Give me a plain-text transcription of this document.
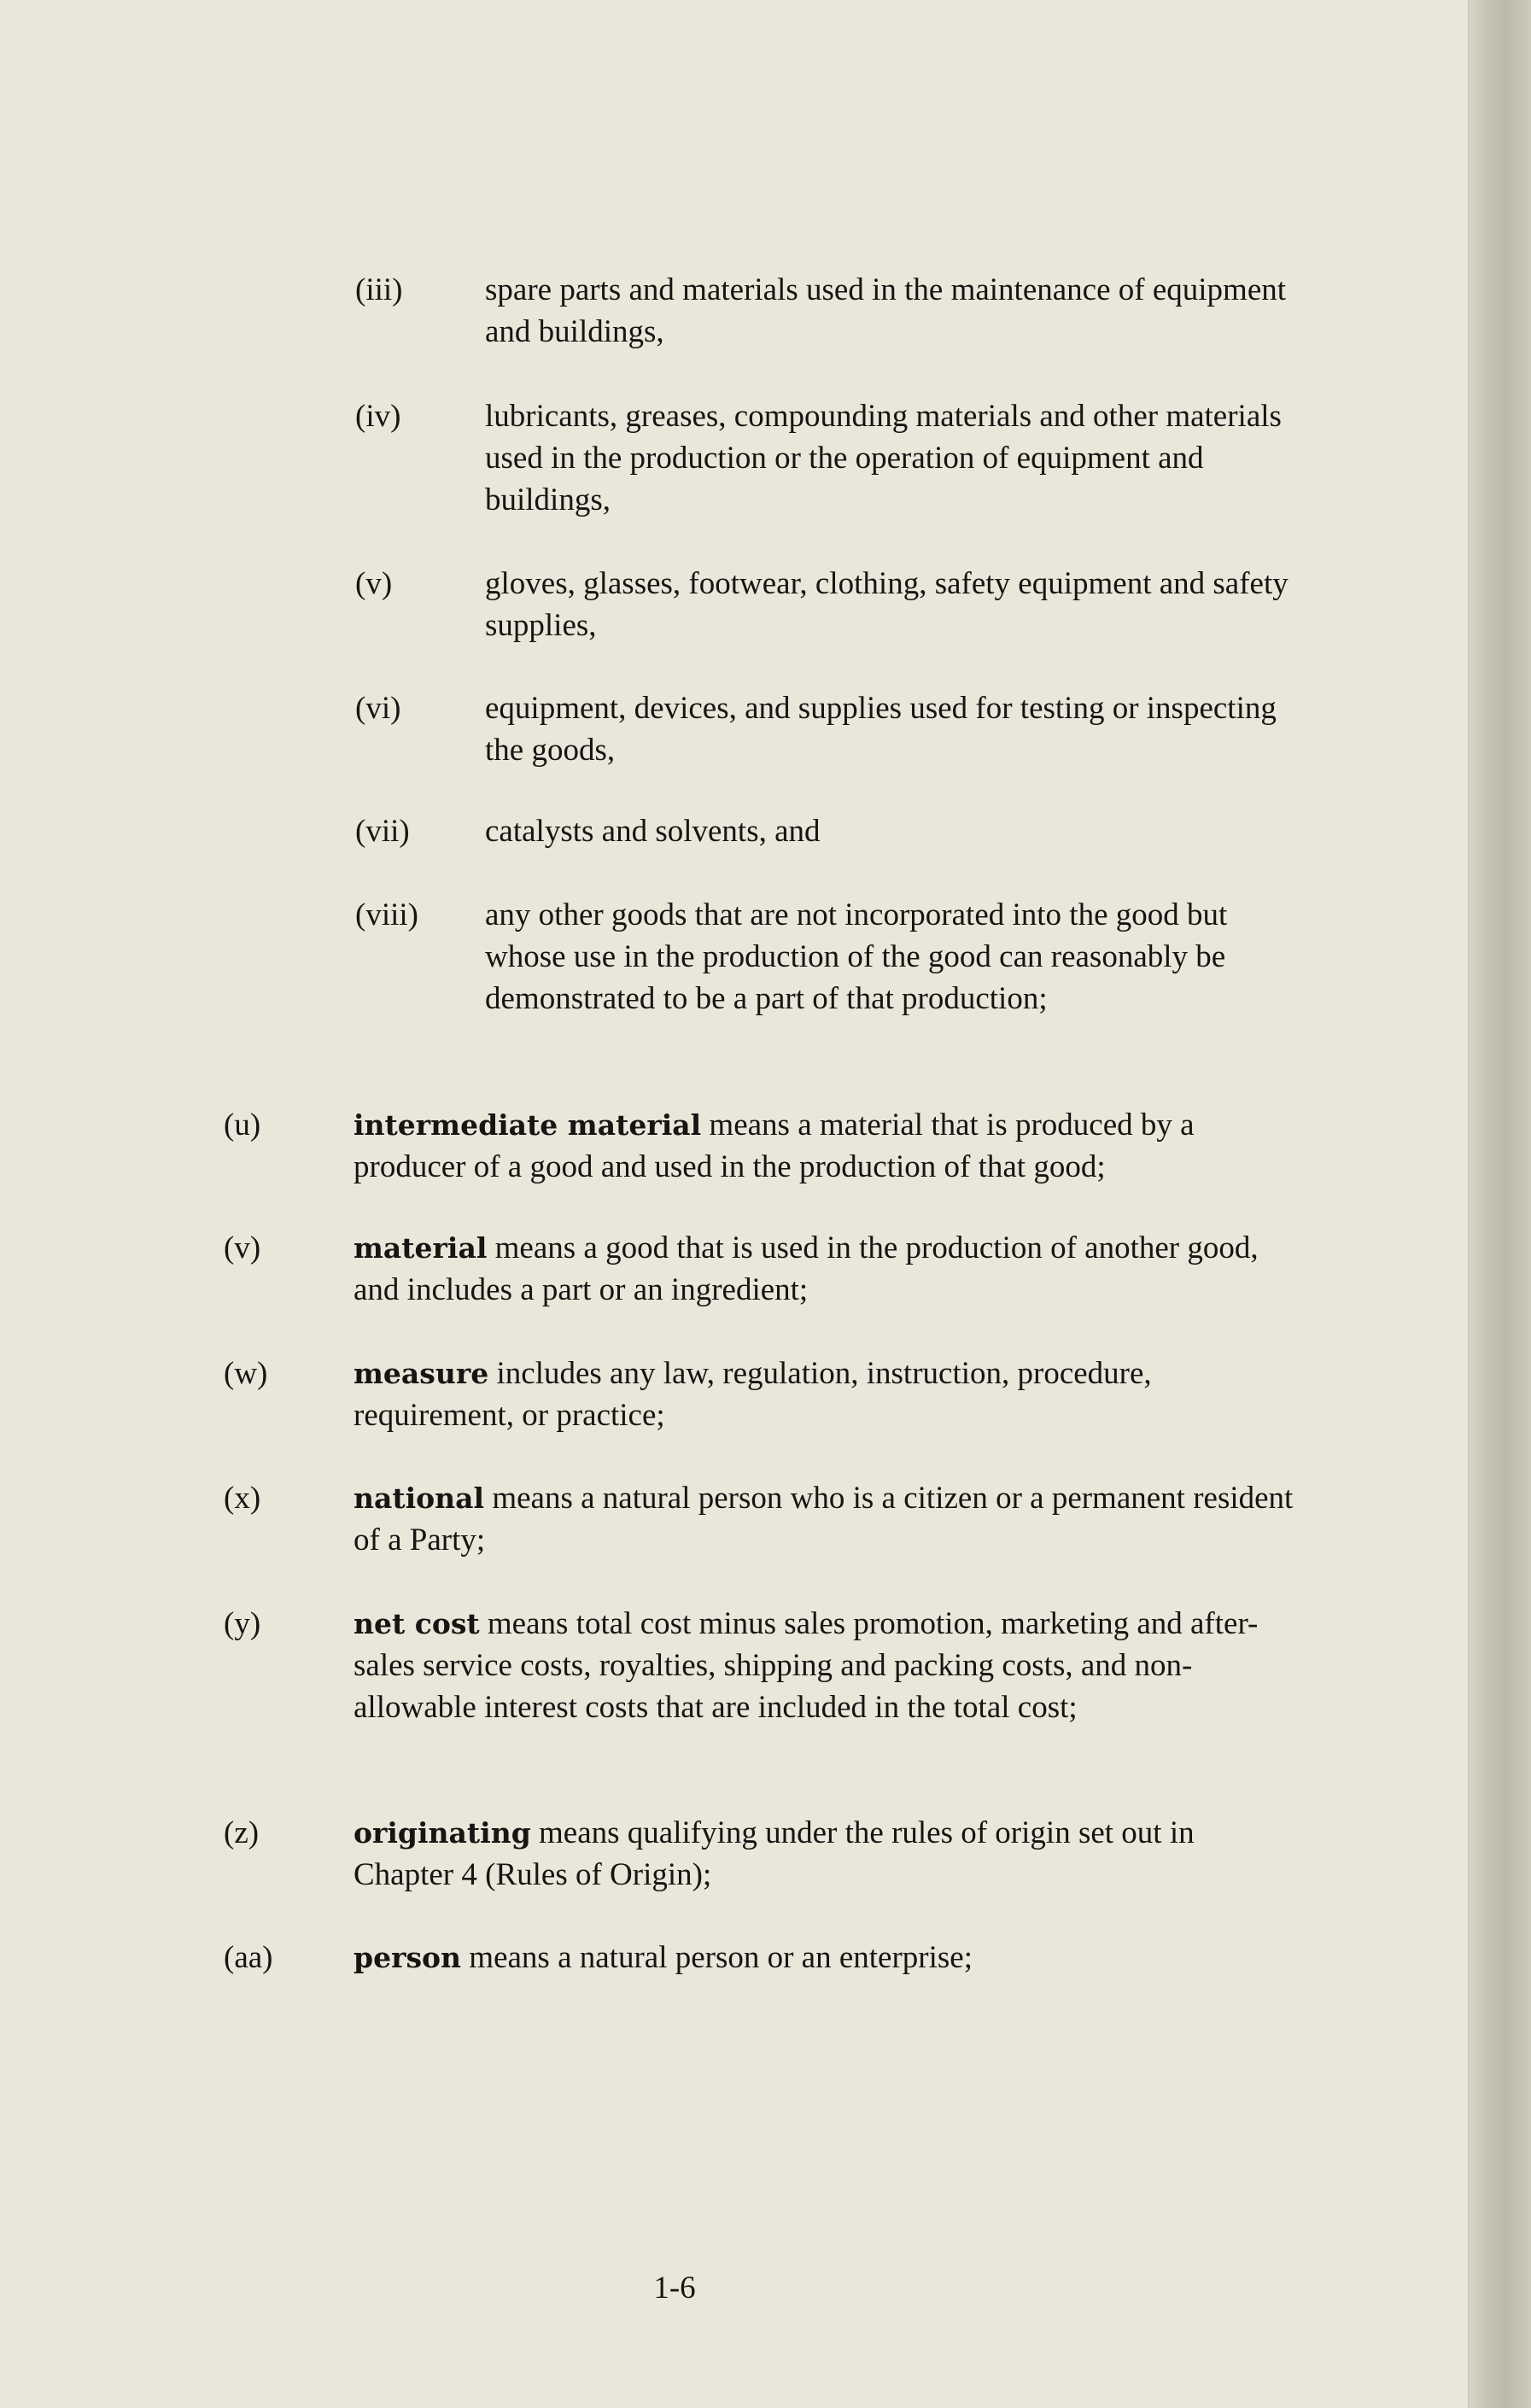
(iii)	spare parts and materials used in the maintenance of equipment and buildings,
(iv)	lubricants, greases, compounding materials and other materials used in the production or the operation of equipment and buildings,
(v)	gloves, glasses, footwear, clothing, safety equipment and safety supplies,
(vi)	equipment, devices, and supplies used for testing or inspecting the goods,
(vii) catalysts and solvents, and
(viii) any other goods that are not incorporated into the good but whose use in the production of the good can reasonably be demonstrated to be a part of that production;
(u)	intermediate material means a material that is produced by a producer of a good and used in the production of that good;
(v)	material means a good that is used in the production of another good, and includes a part or an ingredient;
(w)	measure includes any law, regulation, instruction, procedure, requirement, or practice;
(x)	national means a natural person who is a citizen or a permanent resident of a Party;
(y)	net cost means total cost minus sales promotion, marketing and after-sales service costs, royalties, shipping and packing costs, and non-allowable interest costs that are included in the total cost;
(z)	originating means qualifying under the rules of origin set out in Chapter 4 (Rules of Origin);
(aa)	person means a natural person or an enterprise;
1-6
